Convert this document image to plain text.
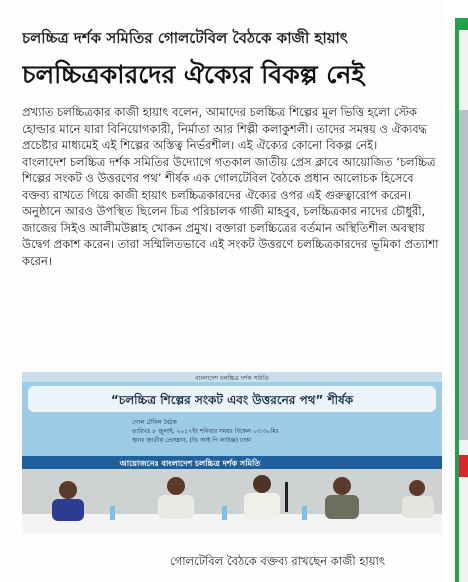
চলচ্চিত্র দর্শক সমিতির গোলটেবিল বৈঠকে কাজী হায়াৎ
চলচ্চিত্রকারদের ঐক্যের বিকল্প নেই

প্রখ্যাত চলচ্চিত্রকার কাজী হায়াৎ বলেন, আমাদের চলচ্চিত্র শিল্পের মূল ভিত্তি হলো স্টেক হোল্ডার মানে যারা বিনিয়োগকারী, নির্মাতা আর শিল্পী কলাকুশলী। তাদের সমন্বয় ও ঐক্যবদ্ধ প্রচেষ্টার মাধ্যমেই এই শিল্পের অস্তিত্ব নির্ভরশীল। এই ঐক্যের কোনো বিকল্প নেই।

বাংলাদেশ চলচ্চিত্র দর্শক সমিতির উদ্যোগে গতকাল জাতীয় প্রেস ক্লাবে আয়োজিত ‘চলচ্চিত্র শিল্পের সংকট ও উত্তরণের পথ’ শীর্ষক এক গোলটেবিল বৈঠকে প্রধান আলোচক হিসেবে বক্তব্য রাখতে গিয়ে কাজী হায়াৎ চলচ্চিত্রকারদের ঐক্যের ওপর এই গুরুত্বারোপ করেন।

অনুষ্ঠানে আরও উপস্থিত ছিলেন চিত্র পরিচালক গাজী মাহবুব, চলচ্চিত্রকার নাদের চৌধুরী, জাজের সিইও আলীমউল্লাহ খোকন প্রমুখ। বক্তারা চলচ্চিত্রের বর্তমান অস্থিতিশীল অবস্থায় উদ্বেগ প্রকাশ করেন। তারা সম্মিলিতভাবে এই সংকট উত্তরণে চলচ্চিত্রকারদের ভূমিকা প্রত্যাশা করেন।

বাংলাদেশ চলচ্চিত্র দর্শক সমিতি
“চলচ্চিত্র শিল্পের সংকট এবং উত্তরনের পথ” শীর্ষক
গোল টেবিল বৈঠক
তারিখঃ ৮ জুলাই, ২০১৭ইং শনিবার সময়ঃ বিকেল ০৩:৩০মিঃ
স্থানঃ জাতীয় প্রেসক্লাব, (ভি আই পি লাউঞ্জ) ঢাকা
আয়োজনেঃ বাংলাদেশ চলচ্চিত্র দর্শক সমিতি
গোলটেবিল বৈঠকে বক্তব্য রাখছেন কাজী হায়াৎ
